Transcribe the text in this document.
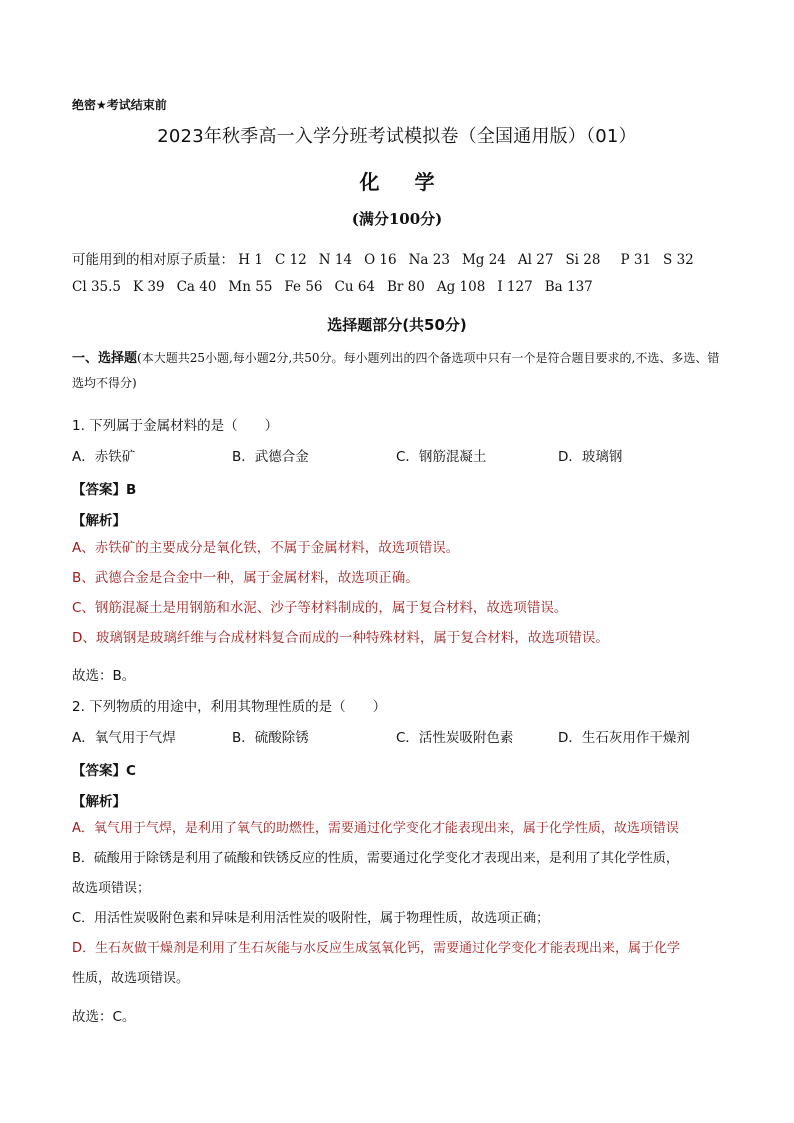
绝密★考试结束前
2023年秋季高一入学分班考试模拟卷（全国通用版）（01）
化 学
(满分100分)
可能用到的相对原子质量： H 1 C 12 N 14 O 16 Na 23 Mg 24 Al 27 Si 28 P 31 S 32
Cl 35.5 K 39 Ca 40 Mn 55 Fe 56 Cu 64 Br 80 Ag 108 I 127 Ba 137
选择题部分(共50分)
一、选择题(本大题共25小题,每小题2分,共50分。每小题列出的四个备选项中只有一个是符合题目要求的,不选、多选、错选均不得分)
1. 下列属于金属材料的是（　　）
A．赤铁矿	B．武德合金	C．钢筋混凝土	D．玻璃钢
【答案】B
【解析】
A、赤铁矿的主要成分是氧化铁，不属于金属材料，故选项错误。
B、武德合金是合金中一种，属于金属材料，故选项正确。
C、钢筋混凝土是用钢筋和水泥、沙子等材料制成的，属于复合材料，故选项错误。
D、玻璃钢是玻璃纤维与合成材料复合而成的一种特殊材料，属于复合材料，故选项错误。
故选：B。
2. 下列物质的用途中，利用其物理性质的是（　　）
A．氧气用于气焊	B．硫酸除锈	C．活性炭吸附色素	D．生石灰用作干燥剂
【答案】C
【解析】
A．氧气用于气焊，是利用了氧气的助燃性，需要通过化学变化才能表现出来，属于化学性质，故选项错误
B．硫酸用于除锈是利用了硫酸和铁锈反应的性质，需要通过化学变化才表现出来，是利用了其化学性质，
故选项错误；
C．用活性炭吸附色素和异味是利用活性炭的吸附性，属于物理性质，故选项正确；
D．生石灰做干燥剂是利用了生石灰能与水反应生成氢氧化钙，需要通过化学变化才能表现出来，属于化学
性质，故选项错误。
故选：C。
